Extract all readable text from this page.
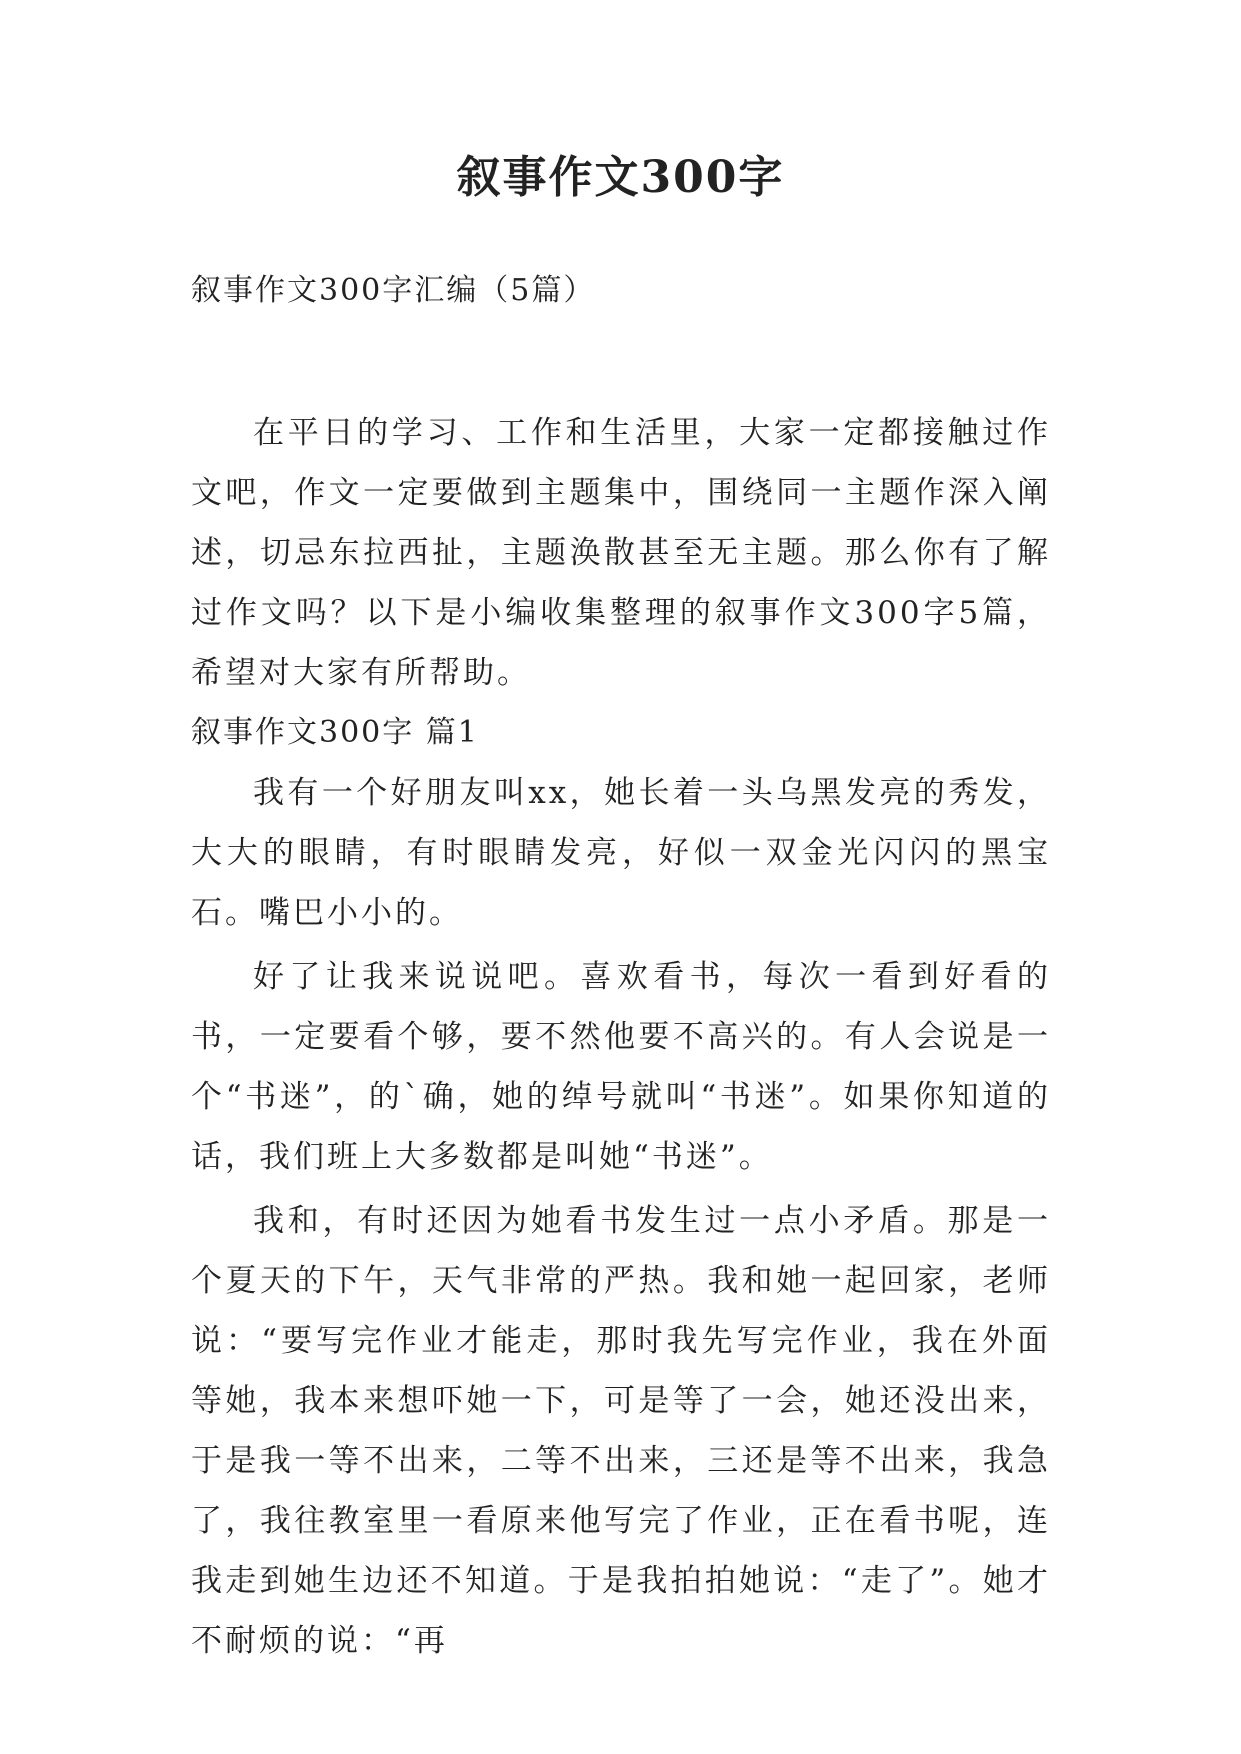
叙事作文300字

叙事作文300字汇编（5篇）

在平日的学习、工作和生活里，大家一定都接触过作文吧，作文一定要做到主题集中，围绕同一主题作深入阐述，切忌东拉西扯，主题涣散甚至无主题。那么你有了解过作文吗？以下是小编收集整理的叙事作文300字5篇，希望对大家有所帮助。

叙事作文300字 篇1

我有一个好朋友叫xx，她长着一头乌黑发亮的秀发，大大的眼睛，有时眼睛发亮，好似一双金光闪闪的黑宝石。嘴巴小小的。

好了让我来说说吧。喜欢看书，每次一看到好看的书，一定要看个够，要不然他要不高兴的。有人会说是一个“书迷”，的`确，她的绰号就叫“书迷”。如果你知道的话，我们班上大多数都是叫她“书迷”。

我和，有时还因为她看书发生过一点小矛盾。那是一个夏天的下午，天气非常的严热。我和她一起回家，老师说：“要写完作业才能走，那时我先写完作业，我在外面等她，我本来想吓她一下，可是等了一会，她还没出来，于是我一等不出来，二等不出来，三还是等不出来，我急了，我往教室里一看原来他写完了作业，正在看书呢，连我走到她生边还不知道。于是我拍拍她说：“走了”。她才不耐烦的说：“再
